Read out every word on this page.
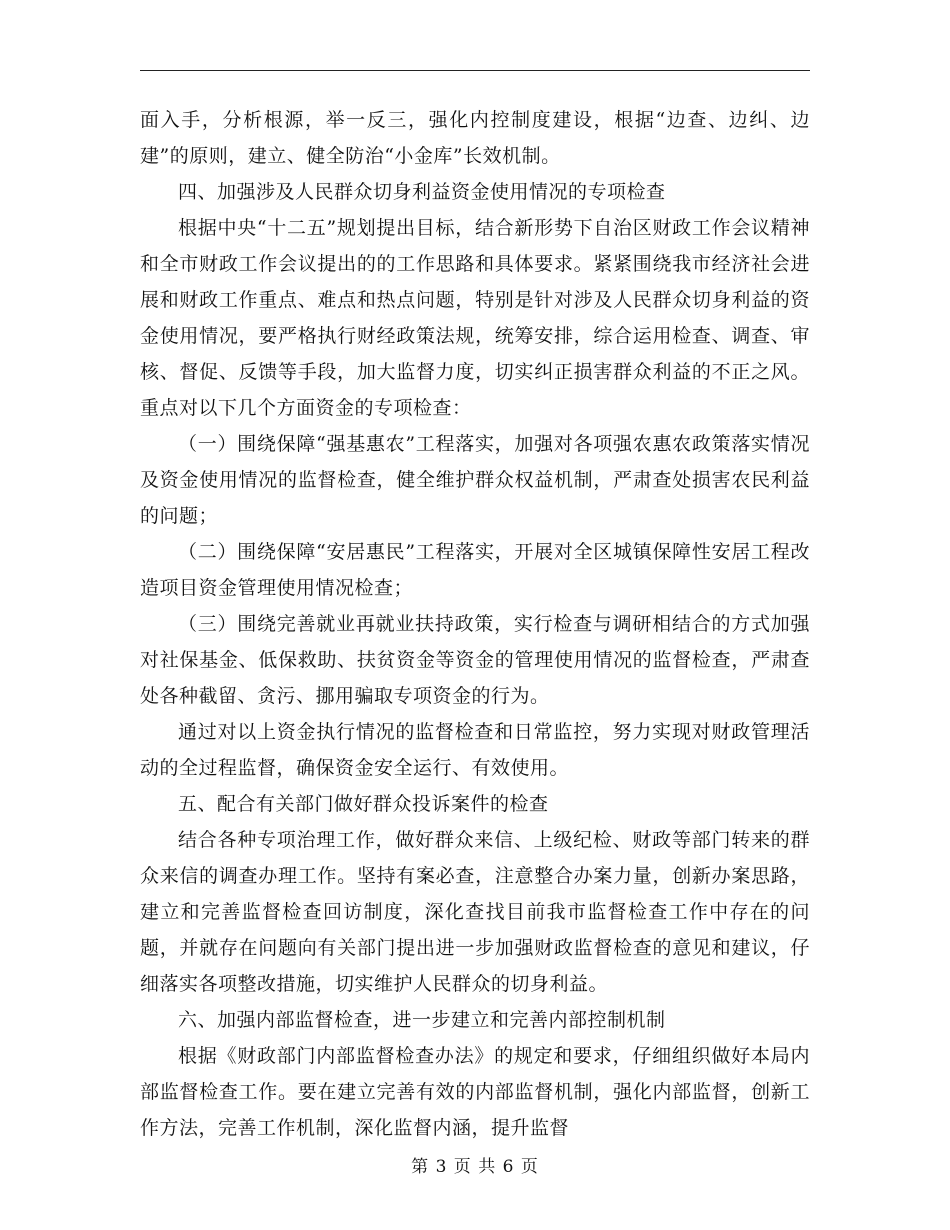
面入手，分析根源，举一反三，强化内控制度建设，根据“边查、边纠、边建”的原则，建立、健全防治“小金库”长效机制。

四、加强涉及人民群众切身利益资金使用情况的专项检查

根据中央“十二五”规划提出目标，结合新形势下自治区财政工作会议精神和全市财政工作会议提出的的工作思路和具体要求。紧紧围绕我市经济社会进展和财政工作重点、难点和热点问题，特别是针对涉及人民群众切身利益的资金使用情况，要严格执行财经政策法规，统筹安排，综合运用检查、调查、审核、督促、反馈等手段，加大监督力度，切实纠正损害群众利益的不正之风。重点对以下几个方面资金的专项检查：

（一）围绕保障“强基惠农”工程落实，加强对各项强农惠农政策落实情况及资金使用情况的监督检查，健全维护群众权益机制，严肃查处损害农民利益的问题；

（二）围绕保障“安居惠民”工程落实，开展对全区城镇保障性安居工程改造项目资金管理使用情况检查；

（三）围绕完善就业再就业扶持政策，实行检查与调研相结合的方式加强对社保基金、低保救助、扶贫资金等资金的管理使用情况的监督检查，严肃查处各种截留、贪污、挪用骗取专项资金的行为。

通过对以上资金执行情况的监督检查和日常监控，努力实现对财政管理活动的全过程监督，确保资金安全运行、有效使用。

五、配合有关部门做好群众投诉案件的检查

结合各种专项治理工作，做好群众来信、上级纪检、财政等部门转来的群众来信的调查办理工作。坚持有案必查，注意整合办案力量，创新办案思路，建立和完善监督检查回访制度，深化查找目前我市监督检查工作中存在的问题，并就存在问题向有关部门提出进一步加强财政监督检查的意见和建议，仔细落实各项整改措施，切实维护人民群众的切身利益。

六、加强内部监督检查，进一步建立和完善内部控制机制

根据《财政部门内部监督检查办法》的规定和要求，仔细组织做好本局内部监督检查工作。要在建立完善有效的内部监督机制，强化内部监督，创新工作方法，完善工作机制，深化监督内涵，提升监督

第 3 页 共 6 页
